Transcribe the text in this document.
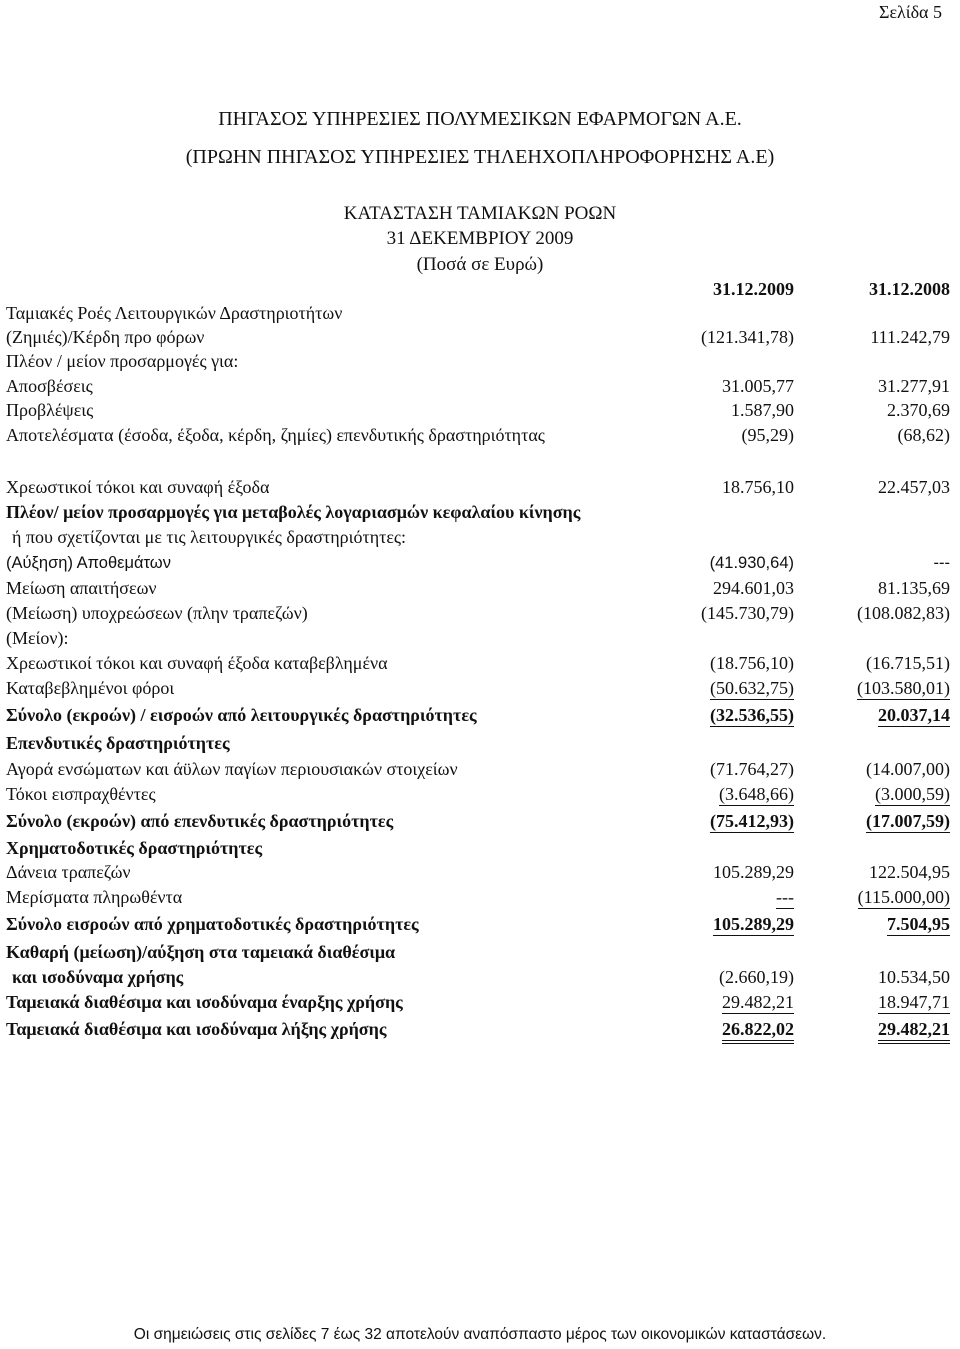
Σελίδα 5
ΠΗΓΑΣΟΣ ΥΠΗΡΕΣΙΕΣ ΠΟΛΥΜΕΣΙΚΩΝ ΕΦΑΡΜΟΓΩΝ Α.Ε.
(ΠΡΩΗΝ ΠΗΓΑΣΟΣ ΥΠΗΡΕΣΙΕΣ ΤΗΛΕΗΧΟΠΛΗΡΟΦΟΡΗΣΗΣ Α.Ε)
ΚΑΤΑΣΤΑΣΗ ΤΑΜΙΑΚΩΝ ΡΟΩΝ
31 ΔΕΚΕΜΒΡΙΟΥ 2009
(Ποσά σε Ευρώ)
31.12.2009	31.12.2008
Ταμιακές Ροές Λειτουργικών Δραστηριοτήτων
(Ζημιές)/Κέρδη προ φόρων	(121.341,78)	111.242,79
Πλέον / μείον προσαρμογές για:
Αποσβέσεις	31.005,77	31.277,91
Προβλέψεις	1.587,90	2.370,69
Αποτελέσματα (έσοδα, έξοδα, κέρδη, ζημίες) επενδυτικής δραστηριότητας	(95,29)	(68,62)
Χρεωστικοί τόκοι και συναφή έξοδα	18.756,10	22.457,03
Πλέον/ μείον προσαρμογές για μεταβολές λογαριασμών κεφαλαίου κίνησης
ή που σχετίζονται με τις λειτουργικές δραστηριότητες:
(Αύξηση) Αποθεμάτων	(41.930,64)	---
Μείωση απαιτήσεων	294.601,03	81.135,69
(Μείωση) υποχρεώσεων (πλην τραπεζών)	(145.730,79)	(108.082,83)
(Μείον):
Χρεωστικοί τόκοι και συναφή έξοδα καταβεβλημένα	(18.756,10)	(16.715,51)
Καταβεβλημένοι φόροι	(50.632,75)	(103.580,01)
Σύνολο (εκροών) / εισροών από λειτουργικές δραστηριότητες	(32.536,55)	20.037,14
Επενδυτικές δραστηριότητες
Αγορά ενσώματων και άϋλων παγίων περιουσιακών στοιχείων	(71.764,27)	(14.007,00)
Τόκοι εισπραχθέντες	(3.648,66)	(3.000,59)
Σύνολο (εκροών) από επενδυτικές δραστηριότητες	(75.412,93)	(17.007,59)
Χρηματοδοτικές δραστηριότητες
Δάνεια τραπεζών	105.289,29	122.504,95
Μερίσματα πληρωθέντα	---	(115.000,00)
Σύνολο εισροών από χρηματοδοτικές δραστηριότητες	105.289,29	7.504,95
Καθαρή (μείωση)/αύξηση στα ταμειακά διαθέσιμα
και ισοδύναμα χρήσης	(2.660,19)	10.534,50
Ταμειακά διαθέσιμα και ισοδύναμα έναρξης χρήσης	29.482,21	18.947,71
Ταμειακά διαθέσιμα και ισοδύναμα λήξης χρήσης	26.822,02	29.482,21
Οι σημειώσεις στις σελίδες 7 έως 32 αποτελούν αναπόσπαστο μέρος των οικονομικών καταστάσεων.
